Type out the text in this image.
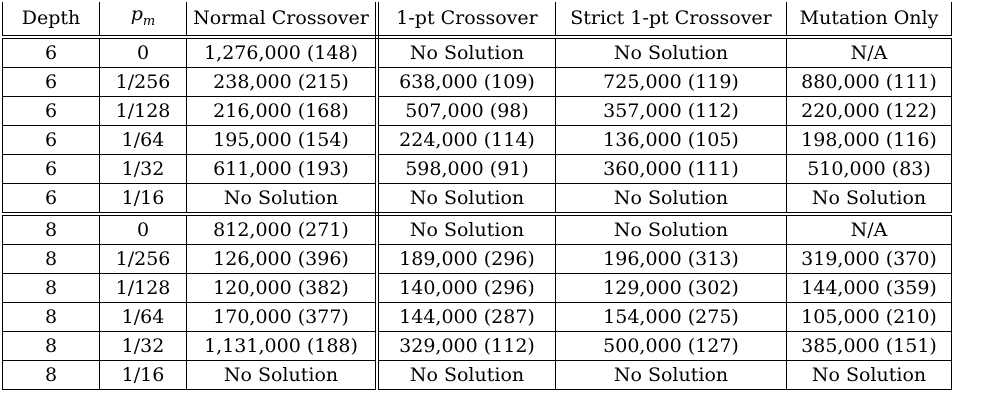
Depth	$p_m$	Normal Crossover	1-pt Crossover	Strict 1-pt Crossover	Mutation Only
6	0	1,276,000 (148)	No Solution	No Solution	N/A
6	1/256	238,000 (215)	638,000 (109)	725,000 (119)	880,000 (111)
6	1/128	216,000 (168)	507,000 (98)	357,000 (112)	220,000 (122)
6	1/64	195,000 (154)	224,000 (114)	136,000 (105)	198,000 (116)
6	1/32	611,000 (193)	598,000 (91)	360,000 (111)	510,000 (83)
6	1/16	No Solution	No Solution	No Solution	No Solution
8	0	812,000 (271)	No Solution	No Solution	N/A
8	1/256	126,000 (396)	189,000 (296)	196,000 (313)	319,000 (370)
8	1/128	120,000 (382)	140,000 (296)	129,000 (302)	144,000 (359)
8	1/64	170,000 (377)	144,000 (287)	154,000 (275)	105,000 (210)
8	1/32	1,131,000 (188)	329,000 (112)	500,000 (127)	385,000 (151)
8	1/16	No Solution	No Solution	No Solution	No Solution
